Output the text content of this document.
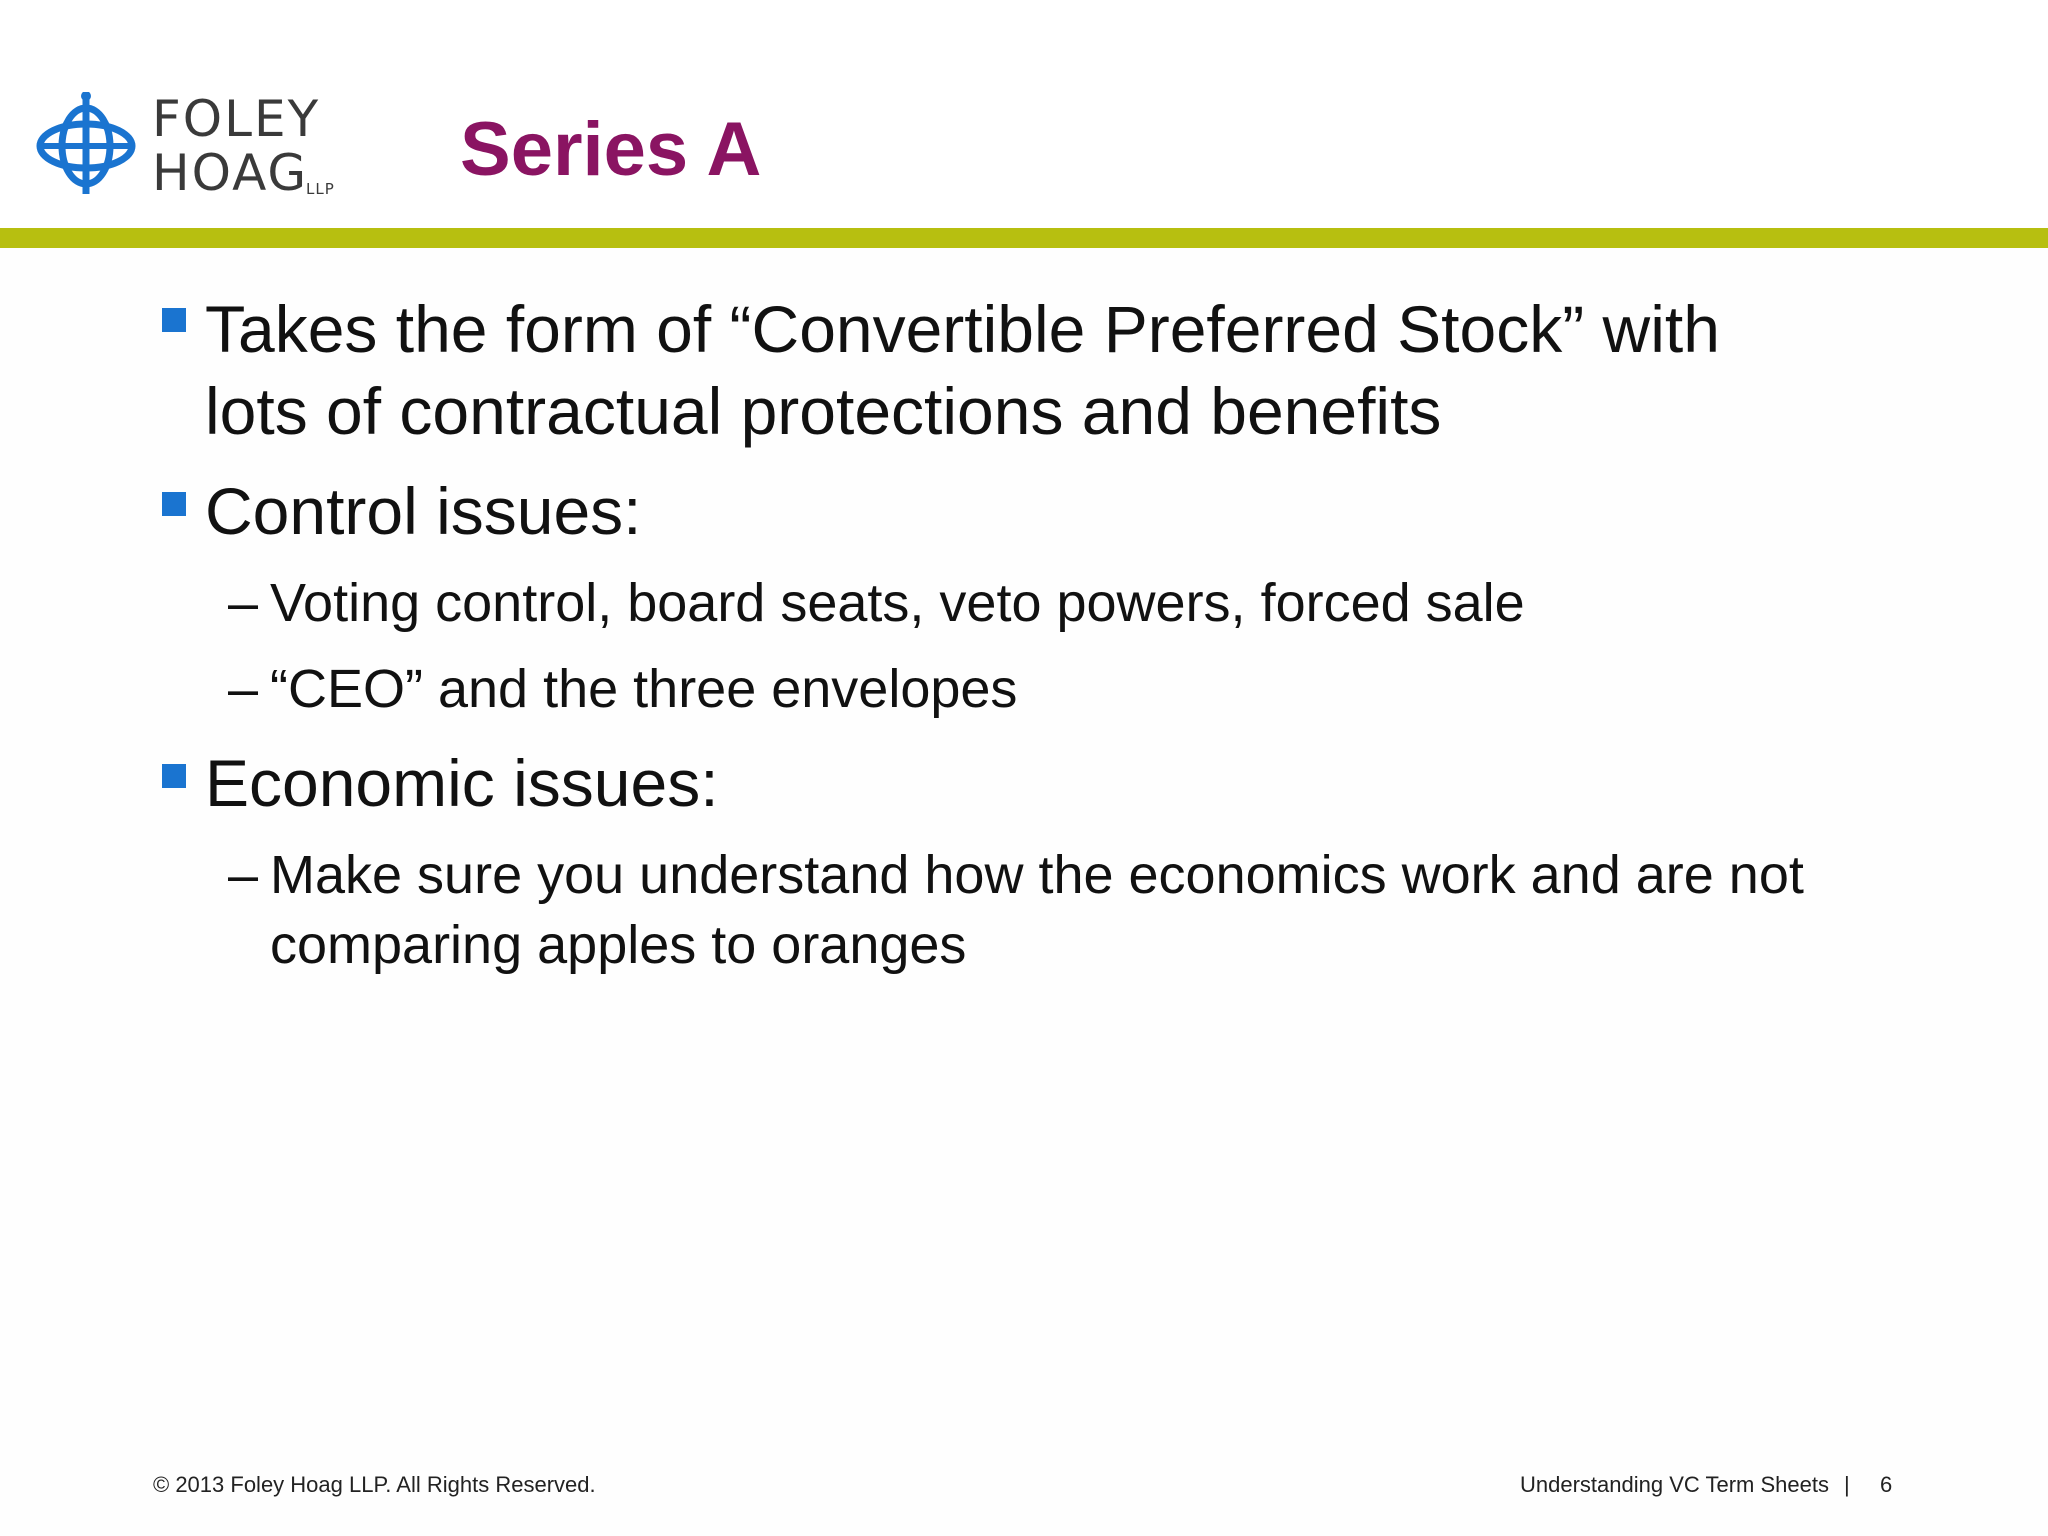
FOLEY
HOAG
LLP Series A
Takes the form of “Convertible Preferred Stock” with lots of contractual protections and benefits
Control issues:
– Voting control, board seats, veto powers, forced sale
– “CEO” and the three envelopes
Economic issues:
– Make sure you understand how the economics work and are not comparing apples to oranges
© 2013 Foley Hoag LLP. All Rights Reserved.	Understanding VC Term Sheets | 6
